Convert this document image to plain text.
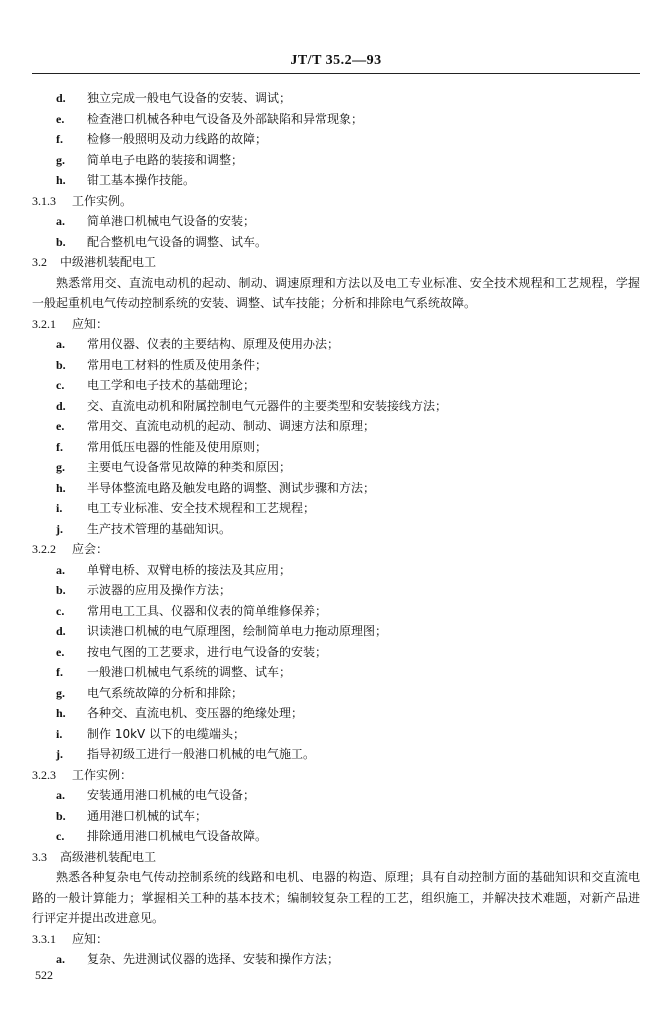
JT/T 35.2—93
d.	独立完成一般电气设备的安装、调试；
e.	检查港口机械各种电气设备及外部缺陷和异常现象；
f.	检修一般照明及动力线路的故障；
g.	简单电子电路的装接和调整；
h.	钳工基本操作技能。
3.1.3 工作实例。
a.	简单港口机械电气设备的安装；
b.	配合整机电气设备的调整、试车。
3.2 中级港机装配电工

熟悉常用交、直流电动机的起动、制动、调速原理和方法以及电工专业标准、安全技术规程和工艺规程，学握一般起重机电气传动控制系统的安装、调整、试车技能；分析和排除电气系统故障。

3.2.1 应知：
a.	常用仪器、仪表的主要结构、原理及使用办法；
b.	常用电工材料的性质及使用条件；
c.	电工学和电子技术的基础理论；
d.	交、直流电动机和附属控制电气元器件的主要类型和安装接线方法；
e.	常用交、直流电动机的起动、制动、调速方法和原理；
f.	常用低压电器的性能及使用原则；
g.	主要电气设备常见故障的种类和原因；
h.	半导体整流电路及触发电路的调整、测试步骤和方法；
i.	电工专业标准、安全技术规程和工艺规程；
j.	生产技术管理的基础知识。
3.2.2 应会：
a.	单臂电桥、双臂电桥的接法及其应用；
b.	示波器的应用及操作方法；
c.	常用电工工具、仪器和仪表的简单维修保养；
d.	识读港口机械的电气原理图，绘制简单电力拖动原理图；
e.	按电气图的工艺要求，进行电气设备的安装；
f.	一般港口机械电气系统的调整、试车；
g.	电气系统故障的分析和排除；
h.	各种交、直流电机、变压器的绝缘处理；
i.	制作 10kV 以下的电缆端头；
j.	指导初级工进行一般港口机械的电气施工。
3.2.3 工作实例：
a.	安装通用港口机械的电气设备；
b.	通用港口机械的试车；
c.	排除通用港口机械电气设备故障。
3.3 高级港机装配电工

熟悉各种复杂电气传动控制系统的线路和电机、电器的构造、原理；具有自动控制方面的基础知识和交直流电路的一般计算能力；掌握相关工种的基本技术；编制较复杂工程的工艺，组织施工，并解决技术难题，对新产品进行评定并提出改进意见。

3.3.1 应知：
a.	复杂、先进测试仪器的选择、安装和操作方法；
522
